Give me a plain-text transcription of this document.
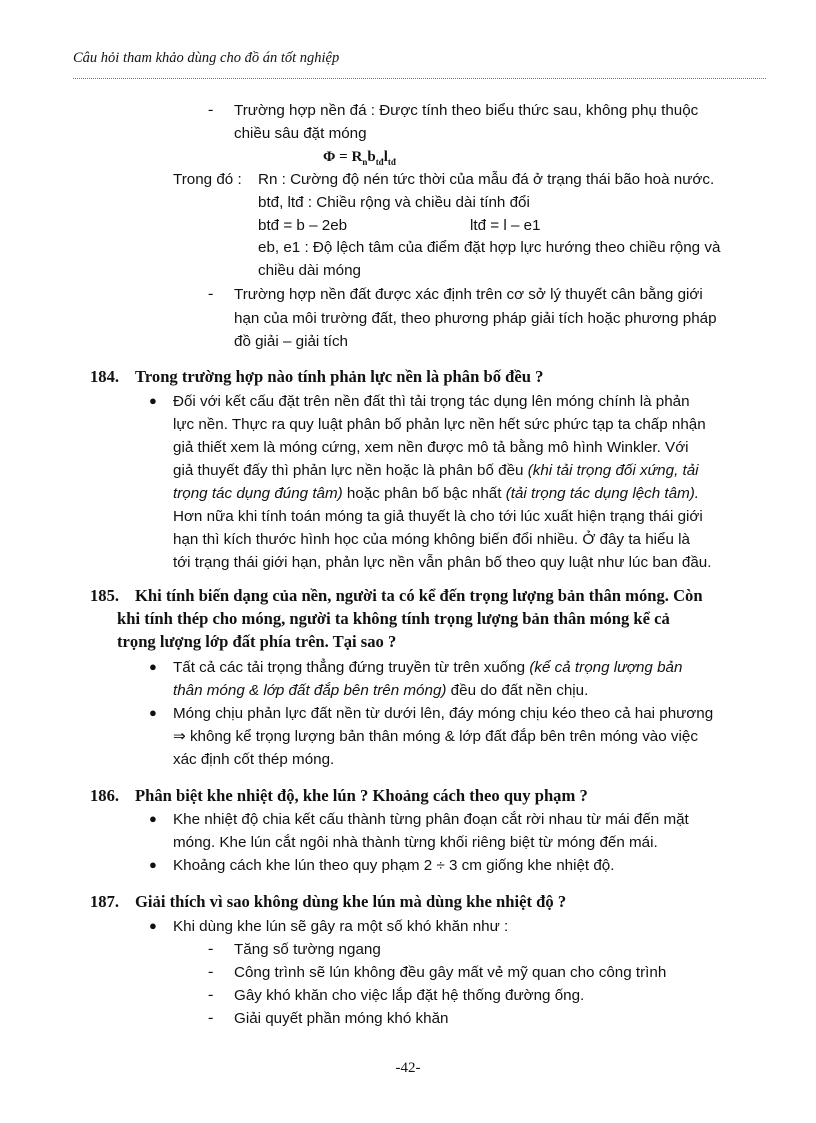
Câu hỏi tham khảo dùng cho đồ án tốt nghiệp
- Trường hợp nền đá : Được tính theo biểu thức sau, không phụ thuộc
chiều sâu đặt móng
$\Phi = R_nb_{tđ}l_{tđ}$
Trong đó : Rn : Cường độ nén tức thời của mẫu đá ở trạng thái bão hoà nước.
btđ, ltđ : Chiều rộng và chiều dài tính đổi
btđ = b – 2eb	ltđ = l – e1
eb, e1 : Độ lệch tâm của điểm đặt hợp lực hướng theo chiều rộng và
chiều dài móng
- Trường hợp nền đất được xác định trên cơ sở lý thuyết cân bằng giới
hạn của môi trường đất, theo phương pháp giải tích hoặc phương pháp
đồ giải – giải tích
184. Trong trường hợp nào tính phản lực nền là phân bố đều ?
● Đối với kết cấu đặt trên nền đất thì tải trọng tác dụng lên móng chính là phản
lực nền. Thực ra quy luật phân bố phản lực nền hết sức phức tạp ta chấp nhận
giả thiết xem là móng cứng, xem nền được mô tả bằng mô hình Winkler. Với
giả thuyết đấy thì phản lực nền hoặc là phân bố đều (khi tải trọng đối xứng, tải
trọng tác dụng đúng tâm) hoặc phân bố bậc nhất (tải trọng tác dụng lệch tâm).
Hơn nữa khi tính toán móng ta giả thuyết là cho tới lúc xuất hiện trạng thái giới
hạn thì kích thước hình học của móng không biến đổi nhiều. Ở đây ta hiểu là
tới trạng thái giới hạn, phản lực nền vẫn phân bố theo quy luật như lúc ban đầu.
185. Khi tính biến dạng của nền, người ta có kể đến trọng lượng bản thân móng. Còn
khi tính thép cho móng, người ta không tính trọng lượng bản thân móng kể cả
trọng lượng lớp đất phía trên. Tại sao ?
● Tất cả các tải trọng thẳng đứng truyền từ trên xuống (kể cả trọng lượng bản
thân móng & lớp đất đắp bên trên móng) đều do đất nền chịu.
● Móng chịu phản lực đất nền từ dưới lên, đáy móng chịu kéo theo cả hai phương
⇒ không kể trọng lượng bản thân móng & lớp đất đắp bên trên móng vào việc
xác định cốt thép móng.
186. Phân biệt khe nhiệt độ, khe lún ? Khoảng cách theo quy phạm ?
● Khe nhiệt độ chia kết cấu thành từng phân đoạn cắt rời nhau từ mái đến mặt
móng. Khe lún cắt ngôi nhà thành từng khối riêng biệt từ móng đến mái.
● Khoảng cách khe lún theo quy phạm 2 ÷ 3 cm giống khe nhiệt độ.
187. Giải thích vì sao không dùng khe lún mà dùng khe nhiệt độ ?
● Khi dùng khe lún sẽ gây ra một số khó khăn như :
- Tăng số tường ngang
- Công trình sẽ lún không đều gây mất vẻ mỹ quan cho công trình
- Gây khó khăn cho việc lắp đặt hệ thống đường ống.
- Giải quyết phần móng khó khăn
-42-
